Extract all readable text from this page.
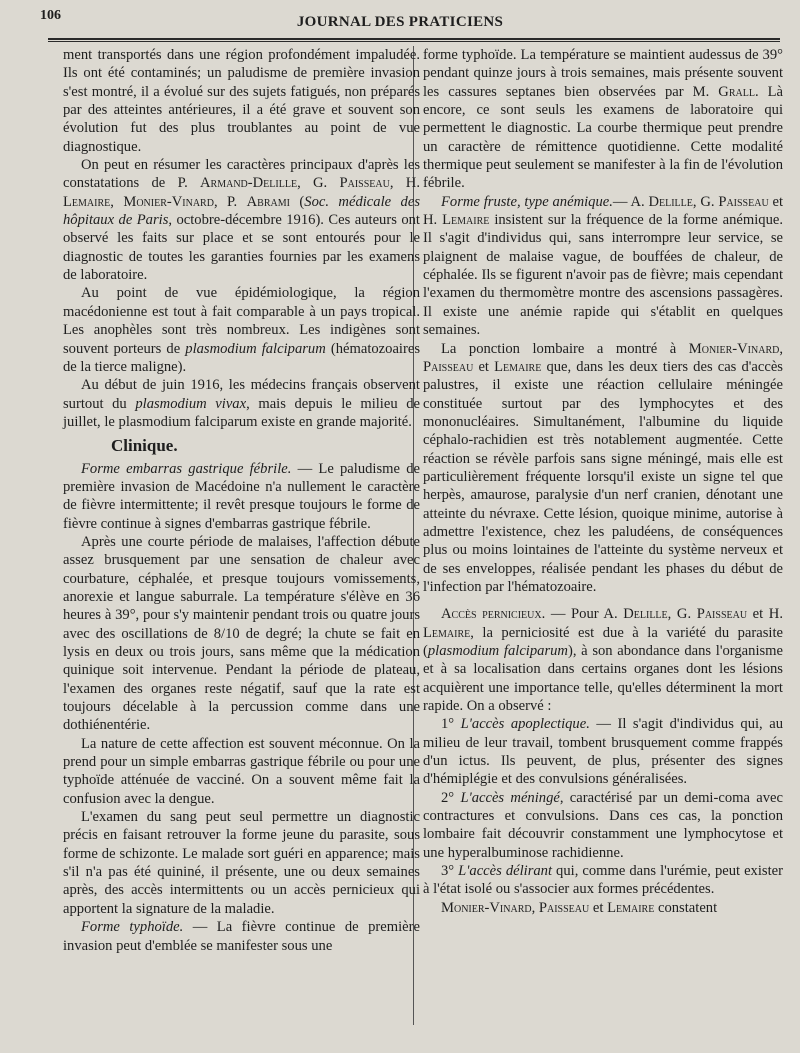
106	JOURNAL DES PRATICIENS

ment transportés dans une région profondément impaludée. Ils ont été contaminés; un paludisme de première invasion s'est montré, il a évolué sur des sujets fatigués, non préparés par des atteintes antérieures, il a été grave et souvent son évolution fut des plus troublantes au point de vue diagnostique.

On peut en résumer les caractères principaux d'après les constatations de P. Armand-Delille, G. Paisseau, H. Lemaire, Monier-Vinard, P. Abrami (Soc. médicale des hôpitaux de Paris, octobre-décembre 1916). Ces auteurs ont observé les faits sur place et se sont entourés pour le diagnostic de toutes les garanties fournies par les examens de laboratoire.

Au point de vue épidémiologique, la région macédonienne est tout à fait comparable à un pays tropical. Les anophèles sont très nombreux. Les indigènes sont souvent porteurs de plasmodium falciparum (hématozoaires de la tierce maligne).

Au début de juin 1916, les médecins français observent surtout du plasmodium vivax, mais depuis le milieu de juillet, le plasmodium falciparum existe en grande majorité.

Clinique.

Forme embarras gastrique fébrile. — Le paludisme de première invasion de Macédoine n'a nullement le caractère de fièvre intermittente; il revêt presque toujours le forme de fièvre continue à signes d'embarras gastrique fébrile.

Après une courte période de malaises, l'affection débute assez brusquement par une sensation de chaleur avec courbature, céphalée, et presque toujours vomissements, anorexie et langue saburrale. La température s'élève en 36 heures à 39°, pour s'y maintenir pendant trois ou quatre jours avec des oscillations de 8/10 de degré; la chute se fait en lysis en deux ou trois jours, sans même que la médication quinique soit intervenue. Pendant la période de plateau, l'examen des organes reste négatif, sauf que la rate est toujours décelable à la percussion comme dans une dothiénentérie.

La nature de cette affection est souvent méconnue. On la prend pour un simple embarras gastrique fébrile ou pour une typhoïde atténuée de vacciné. On a souvent même fait la confusion avec la dengue.

L'examen du sang peut seul permettre un diagnostic précis en faisant retrouver la forme jeune du parasite, sous forme de schizonte. Le malade sort guéri en apparence; mais s'il n'a pas été quininé, il présente, une ou deux semaines après, des accès intermittents ou un accès pernicieux qui apportent la signature de la maladie.

Forme typhoïde. — La fièvre continue de première invasion peut d'emblée se manifester sous une

forme typhoïde. La température se maintient audessus de 39° pendant quinze jours à trois semaines, mais présente souvent les cassures septanes bien observées par M. Grall. Là encore, ce sont seuls les examens de laboratoire qui permettent le diagnostic. La courbe thermique peut prendre un caractère de rémittence quotidienne. Cette modalité thermique peut seulement se manifester à la fin de l'évolution fébrile.

Forme fruste, type anémique.— A. Delille, G. Paisseau et H. Lemaire insistent sur la fréquence de la forme anémique. Il s'agit d'individus qui, sans interrompre leur service, se plaignent de malaise vague, de bouffées de chaleur, de céphalée. Ils se figurent n'avoir pas de fièvre; mais cependant l'examen du thermomètre montre des ascensions passagères. Il existe une anémie rapide qui s'établit en quelques semaines.

La ponction lombaire a montré à Monier-Vinard, Paisseau et Lemaire que, dans les deux tiers des cas d'accès palustres, il existe une réaction cellulaire méningée constituée surtout par des lymphocytes et des mononucléaires. Simultanément, l'albumine du liquide céphalo-rachidien est très notablement augmentée. Cette réaction se révèle parfois sans signe méningé, mais elle est particulièrement fréquente lorsqu'il existe un signe tel que herpès, amaurose, paralysie d'un nerf cranien, dénotant une atteinte du névraxe. Cette lésion, quoique minime, autorise à admettre l'existence, chez les paludéens, de conséquences plus ou moins lointaines de l'atteinte du système nerveux et de ses enveloppes, réalisée pendant les phases du début de l'infection par l'hématozoaire.

Accès pernicieux. — Pour A. Delille, G. Paisseau et H. Lemaire, la perniciosité est due à la variété du parasite (plasmodium falciparum), à son abondance dans l'organisme et à sa localisation dans certains organes dont les lésions acquièrent une importance telle, qu'elles déterminent la mort rapide. On a observé :

1° L'accès apoplectique. — Il s'agit d'individus qui, au milieu de leur travail, tombent brusquement comme frappés d'un ictus. Ils peuvent, de plus, présenter des signes d'hémiplégie et des convulsions généralisées.

2° L'accès méningé, caractérisé par un demi-coma avec contractures et convulsions. Dans ces cas, la ponction lombaire fait découvrir constamment une lymphocytose et une hyperalbuminose rachidienne.

3° L'accès délirant qui, comme dans l'urémie, peut exister à l'état isolé ou s'associer aux formes précédentes.

Monier-Vinard, Paisseau et Lemaire constatent
